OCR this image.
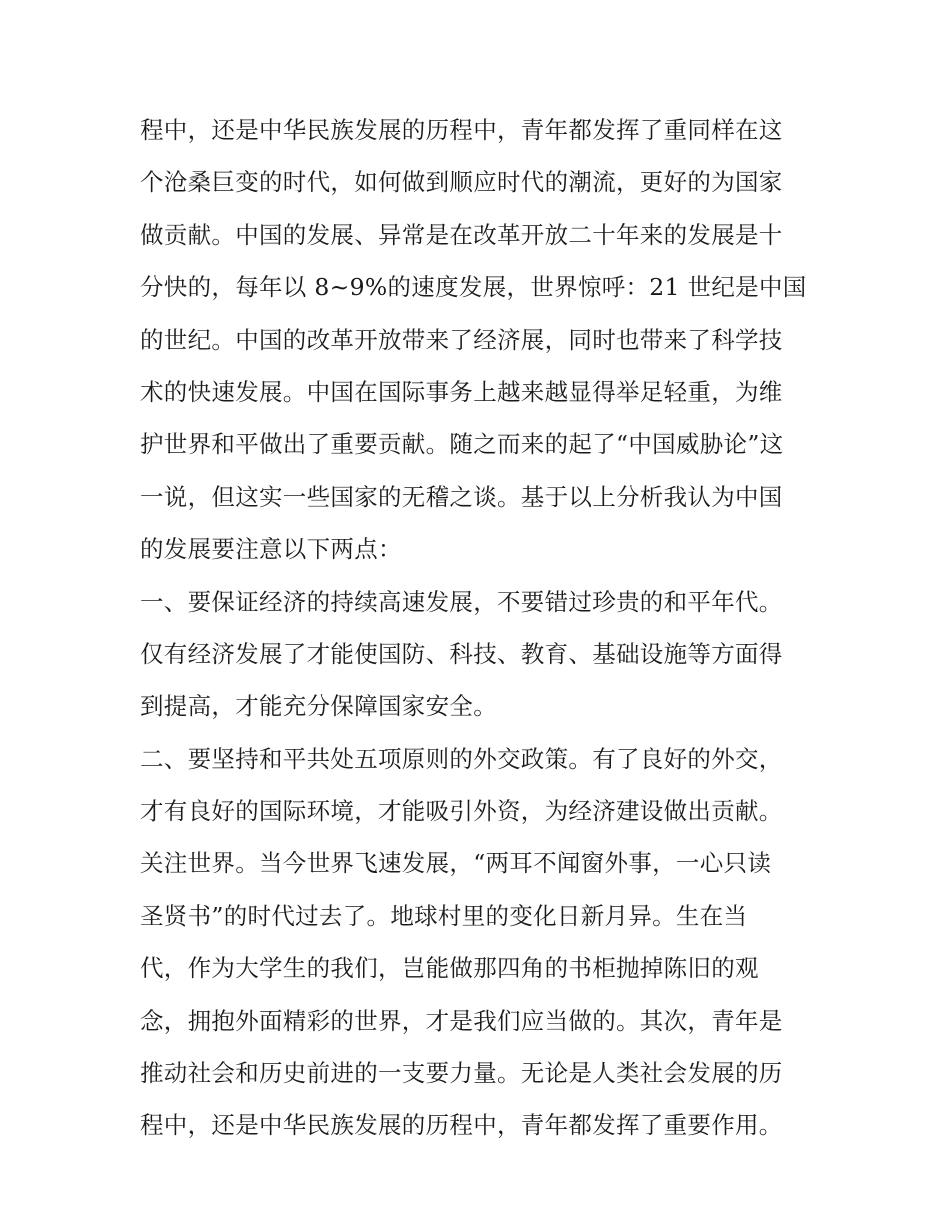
程中，还是中华民族发展的历程中，青年都发挥了重同样在这
个沧桑巨变的时代，如何做到顺应时代的潮流，更好的为国家
做贡献。中国的发展、异常是在改革开放二十年来的发展是十
分快的，每年以 8~9%的速度发展，世界惊呼：21 世纪是中国
的世纪。中国的改革开放带来了经济展，同时也带来了科学技
术的快速发展。中国在国际事务上越来越显得举足轻重，为维
护世界和平做出了重要贡献。随之而来的起了“中国威胁论”这
一说，但这实一些国家的无稽之谈。基于以上分析我认为中国
的发展要注意以下两点：
一、要保证经济的持续高速发展，不要错过珍贵的和平年代。
仅有经济发展了才能使国防、科技、教育、基础设施等方面得
到提高，才能充分保障国家安全。
二、要坚持和平共处五项原则的外交政策。有了良好的外交，
才有良好的国际环境，才能吸引外资，为经济建设做出贡献。
关注世界。当今世界飞速发展，“两耳不闻窗外事，一心只读
圣贤书”的时代过去了。地球村里的变化日新月异。生在当
代，作为大学生的我们，岂能做那四角的书柜抛掉陈旧的观
念，拥抱外面精彩的世界，才是我们应当做的。其次，青年是
推动社会和历史前进的一支要力量。无论是人类社会发展的历
程中，还是中华民族发展的历程中，青年都发挥了重要作用。
